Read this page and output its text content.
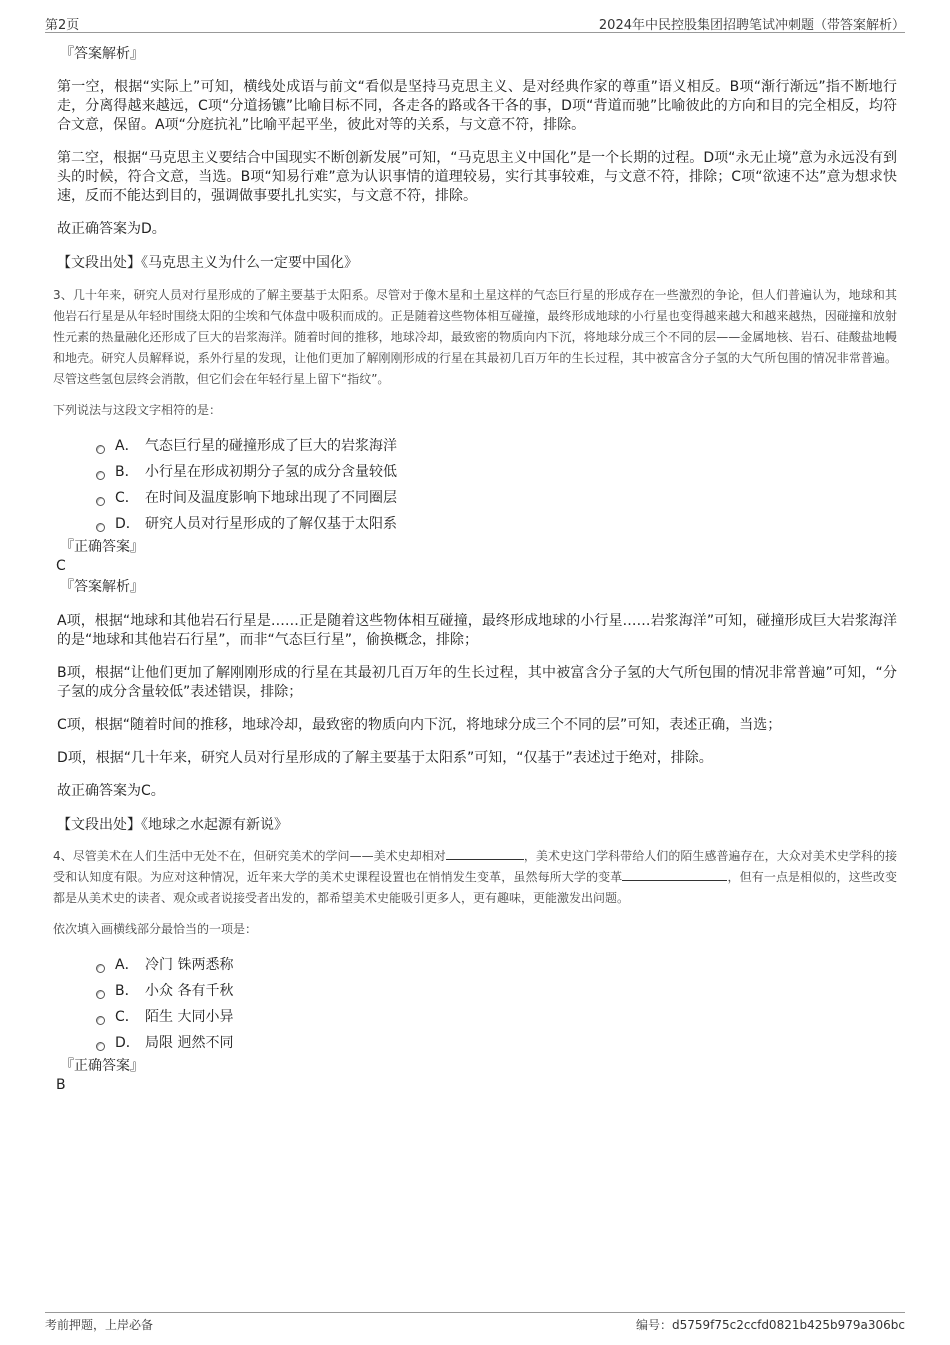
第2页	2024年中民控股集团招聘笔试冲刺题（带答案解析）

『答案解析』

第一空，根据“实际上”可知，横线处成语与前文“看似是坚持马克思主义、是对经典作家的尊重”语义相反。B项“渐行渐远”指不断地行走，分离得越来越远，C项“分道扬镳”比喻目标不同，各走各的路或各干各的事，D项“背道而驰”比喻彼此的方向和目的完全相反，均符合文意，保留。A项“分庭抗礼”比喻平起平坐，彼此对等的关系，与文意不符，排除。

第二空，根据“马克思主义要结合中国现实不断创新发展”可知，“马克思主义中国化”是一个长期的过程。D项“永无止境”意为永远没有到头的时候，符合文意，当选。B项“知易行难”意为认识事情的道理较易，实行其事较难，与文意不符，排除；C项“欲速不达”意为想求快速，反而不能达到目的，强调做事要扎扎实实，与文意不符，排除。

故正确答案为D。

【文段出处】《马克思主义为什么一定要中国化》

3、几十年来，研究人员对行星形成的了解主要基于太阳系。尽管对于像木星和土星这样的气态巨行星的形成存在一些激烈的争论，但人们普遍认为，地球和其他岩石行星是从年轻时围绕太阳的尘埃和气体盘中吸积而成的。正是随着这些物体相互碰撞，最终形成地球的小行星也变得越来越大和越来越热，因碰撞和放射性元素的热量融化还形成了巨大的岩浆海洋。随着时间的推移，地球冷却，最致密的物质向内下沉，将地球分成三个不同的层——金属地核、岩石、硅酸盐地幔和地壳。研究人员解释说，系外行星的发现，让他们更加了解刚刚形成的行星在其最初几百万年的生长过程，其中被富含分子氢的大气所包围的情况非常普遍。尽管这些氢包层终会消散，但它们会在年轻行星上留下“指纹”。

下列说法与这段文字相符的是：

A． 气态巨行星的碰撞形成了巨大的岩浆海洋
B． 小行星在形成初期分子氢的成分含量较低
C． 在时间及温度影响下地球出现了不同圈层
D． 研究人员对行星形成的了解仅基于太阳系

『正确答案』

C

『答案解析』

A项，根据“地球和其他岩石行星是……正是随着这些物体相互碰撞，最终形成地球的小行星……岩浆海洋”可知，碰撞形成巨大岩浆海洋的是“地球和其他岩石行星”，而非“气态巨行星”，偷换概念，排除；

B项，根据“让他们更加了解刚刚形成的行星在其最初几百万年的生长过程，其中被富含分子氢的大气所包围的情况非常普遍”可知，“分子氢的成分含量较低”表述错误，排除；

C项，根据“随着时间的推移，地球冷却，最致密的物质向内下沉，将地球分成三个不同的层”可知，表述正确，当选；

D项，根据“几十年来，研究人员对行星形成的了解主要基于太阳系”可知，“仅基于”表述过于绝对，排除。

故正确答案为C。

【文段出处】《地球之水起源有新说》

4、尽管美术在人们生活中无处不在，但研究美术的学问——美术史却相对	，美术史这门学科带给人们的陌生感普遍存在，大众对美术史学科的接受和认知度有限。为应对这种情况，近年来大学的美术史课程设置也在悄悄发生变革，虽然每所大学的变革	，但有一点是相似的，这些改变都是从美术史的读者、观众或者说接受者出发的，都希望美术史能吸引更多人，更有趣味，更能激发出问题。

依次填入画横线部分最恰当的一项是：

A． 冷门 铢两悉称
B． 小众 各有千秋
C． 陌生 大同小异
D． 局限 迥然不同

『正确答案』

B

考前押题，上岸必备	编号：d5759f75c2ccfd0821b425b979a306bc
